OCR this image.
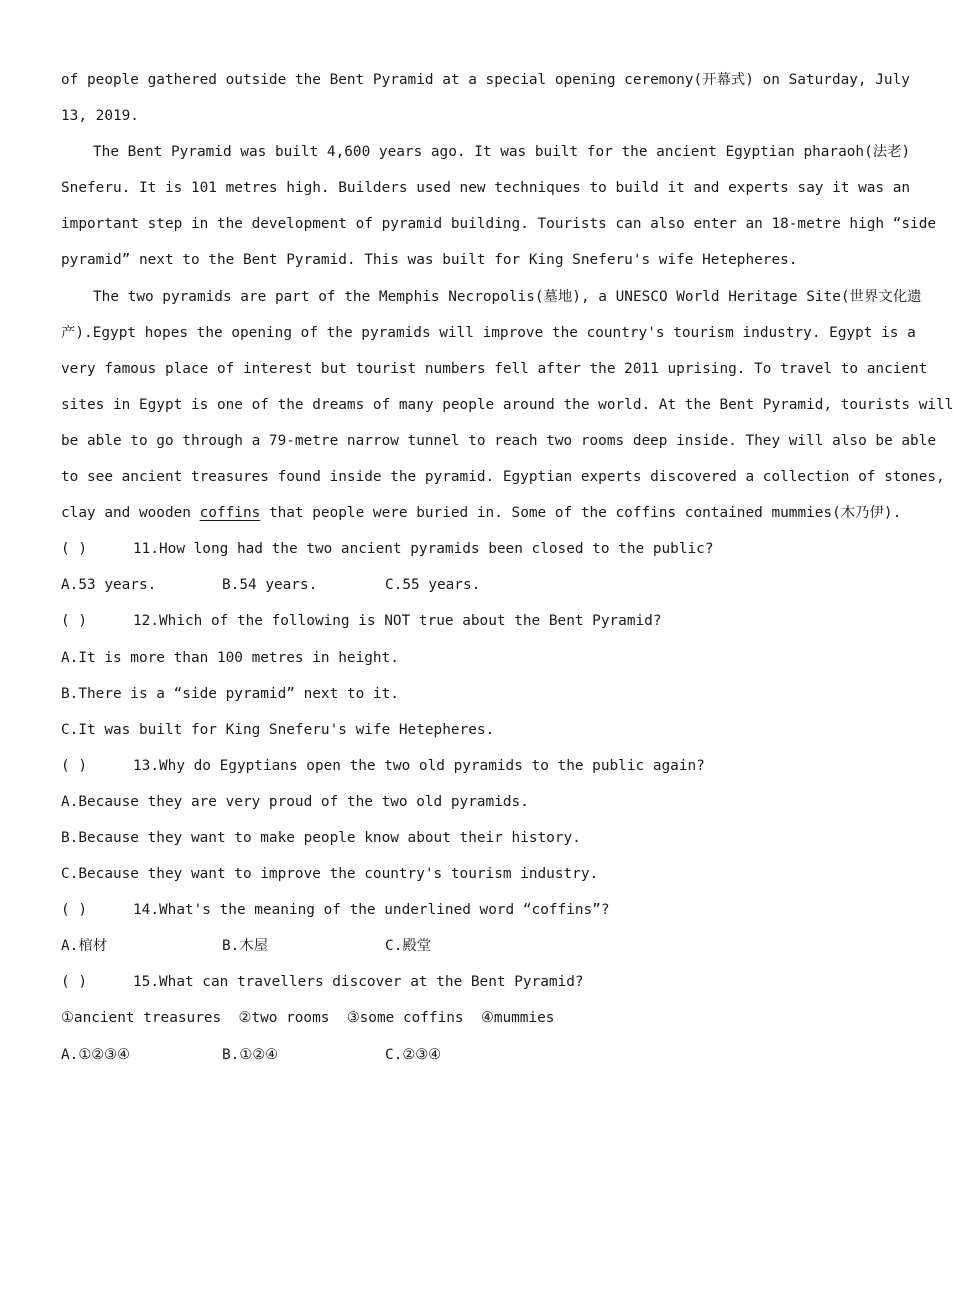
of people gathered outside the Bent Pyramid at a special opening ceremony(开幕式) on Saturday, July
13, 2019.
The Bent Pyramid was built 4,600 years ago. It was built for the ancient Egyptian pharaoh(法老)
Sneferu. It is 101 metres high. Builders used new techniques to build it and experts say it was an
important step in the development of pyramid building. Tourists can also enter an 18-metre high “side
pyramid” next to the Bent Pyramid. This was built for King Sneferu's wife Hetepheres.
The two pyramids are part of the Memphis Necropolis(墓地), a UNESCO World Heritage Site(世界文化遗
产).Egypt hopes the opening of the pyramids will improve the country's tourism industry. Egypt is a
very famous place of interest but tourist numbers fell after the 2011 uprising. To travel to ancient
sites in Egypt is one of the dreams of many people around the world. At the Bent Pyramid, tourists will
be able to go through a 79-metre narrow tunnel to reach two rooms deep inside. They will also be able
to see ancient treasures found inside the pyramid. Egyptian experts discovered a collection of stones,
clay and wooden coffins that people were buried in. Some of the coffins contained mummies(木乃伊).
( )	11.How long had the two ancient pyramids been closed to the public?
A.53 years.	B.54 years.	C.55 years.
( )	12.Which of the following is NOT true about the Bent Pyramid?
A.It is more than 100 metres in height.
B.There is a “side pyramid” next to it.
C.It was built for King Sneferu's wife Hetepheres.
( )	13.Why do Egyptians open the two old pyramids to the public again?
A.Because they are very proud of the two old pyramids.
B.Because they want to make people know about their history.
C.Because they want to improve the country's tourism industry.
( )	14.What's the meaning of the underlined word “coffins”?
A.棺材	B.木屋	C.殿堂
( )	15.What can travellers discover at the Bent Pyramid?
①ancient treasures  ②two rooms  ③some coffins  ④mummies
A.①②③④	B.①②④	C.②③④
